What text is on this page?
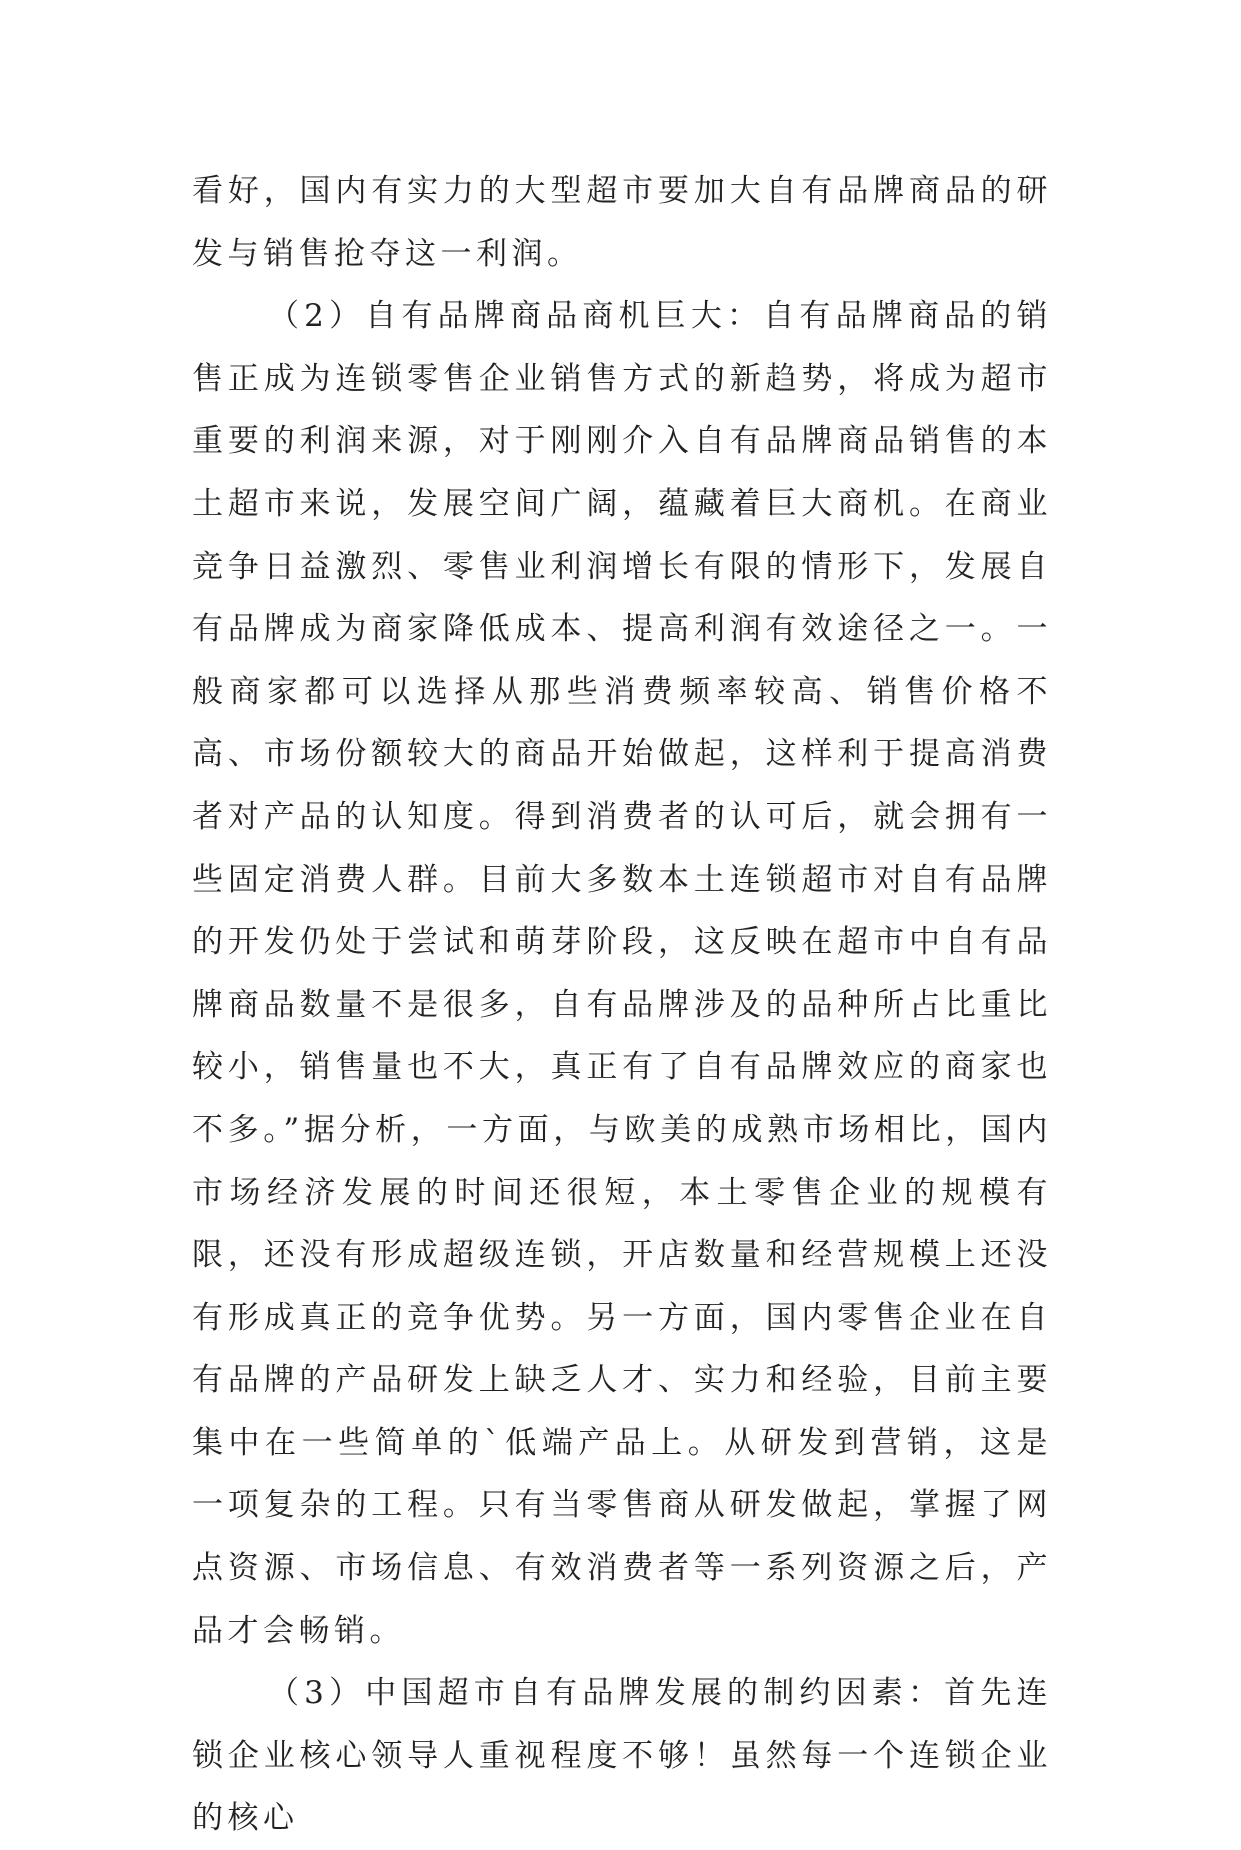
看好，国内有实力的大型超市要加大自有品牌商品的研发与销售抢夺这一利润。

（2）自有品牌商品商机巨大：自有品牌商品的销售正成为连锁零售企业销售方式的新趋势，将成为超市重要的利润来源，对于刚刚介入自有品牌商品销售的本土超市来说，发展空间广阔，蕴藏着巨大商机。在商业竞争日益激烈、零售业利润增长有限的情形下，发展自有品牌成为商家降低成本、提高利润有效途径之一。一般商家都可以选择从那些消费频率较高、销售价格不高、市场份额较大的商品开始做起，这样利于提高消费者对产品的认知度。得到消费者的认可后，就会拥有一些固定消费人群。目前大多数本土连锁超市对自有品牌的开发仍处于尝试和萌芽阶段，这反映在超市中自有品牌商品数量不是很多，自有品牌涉及的品种所占比重比较小，销售量也不大，真正有了自有品牌效应的商家也不多。”据分析，一方面，与欧美的成熟市场相比，国内市场经济发展的时间还很短，本土零售企业的规模有限，还没有形成超级连锁，开店数量和经营规模上还没有形成真正的竞争优势。另一方面，国内零售企业在自有品牌的产品研发上缺乏人才、实力和经验，目前主要集中在一些简单的`低端产品上。从研发到营销，这是一项复杂的工程。只有当零售商从研发做起，掌握了网点资源、市场信息、有效消费者等一系列资源之后，产品才会畅销。

（3）中国超市自有品牌发展的制约因素：首先连锁企业核心领导人重视程度不够！虽然每一个连锁企业的核心
